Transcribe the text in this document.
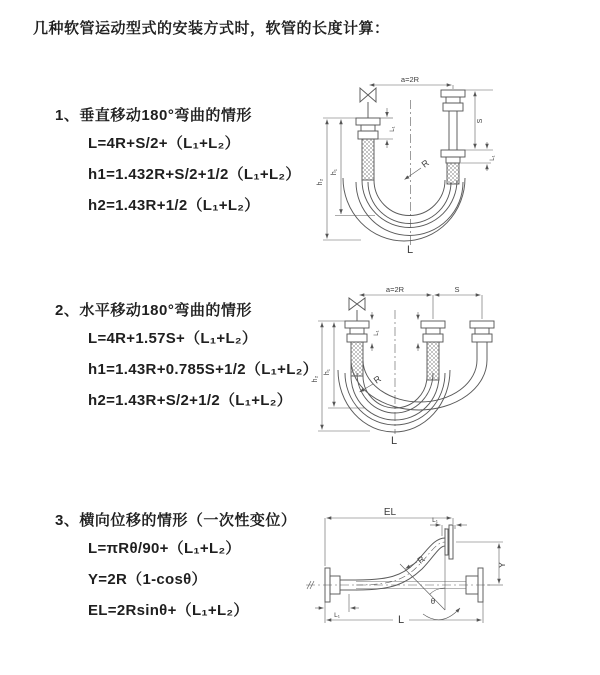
几种软管运动型式的安装方式时，软管的长度计算：

1、垂直移动180°弯曲的情形

L=4R+S/2+（L₁+L₂）

h1=1.432R+S/2+1/2（L₁+L₂）

h2=1.43R+1/2（L₁+L₂）

a=2R
S
L₁
h₂
h₁
L₁
R
L

2、水平移动180°弯曲的情形

L=4R+1.57S+（L₁+L₂）

h1=1.43R+0.785S+1/2（L₁+L₂）

h2=1.43R+S/2+1/2（L₁+L₂）

a=2R	S
h₂
h₁
L₁
R
L

3、横向位移的情形（一次性变位）

L=πRθ/90+（L₁+L₂）

Y=2R（1-cosθ）

EL=2Rsinθ+（L₁+L₂）

θ
R
EL
L₁
Y
L₁	L
